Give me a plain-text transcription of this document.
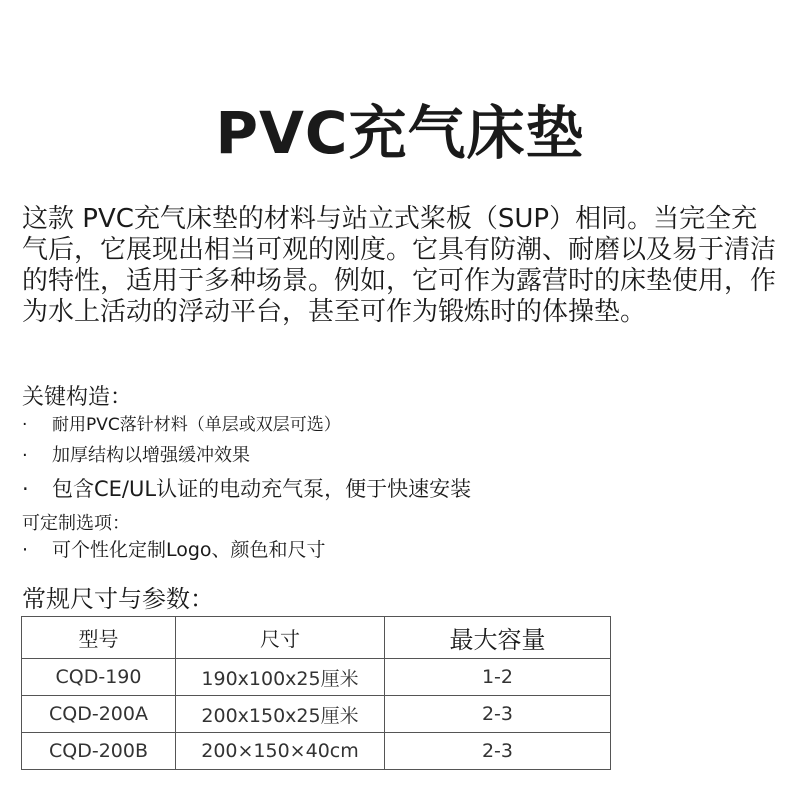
PVC充气床垫

这款 PVC充气床垫的材料与站立式桨板（SUP）相同。当完全充气后，它展现出相当可观的刚度。它具有防潮、耐磨以及易于清洁的特性，适用于多种场景。例如，它可作为露营时的床垫使用，作为水上活动的浮动平台，甚至可作为锻炼时的体操垫。

关键构造：
· 耐用PVC落针材料（单层或双层可选）
· 加厚结构以增强缓冲效果
· 包含CE/UL认证的电动充气泵，便于快速安装
可定制选项：
· 可个性化定制Logo、颜色和尺寸
常规尺寸与参数：
型号	尺寸	最大容量
CQD-190	190x100x25厘米	1-2
CQD-200A	200x150x25厘米	2-3
CQD-200B	200×150×40cm	2-3
